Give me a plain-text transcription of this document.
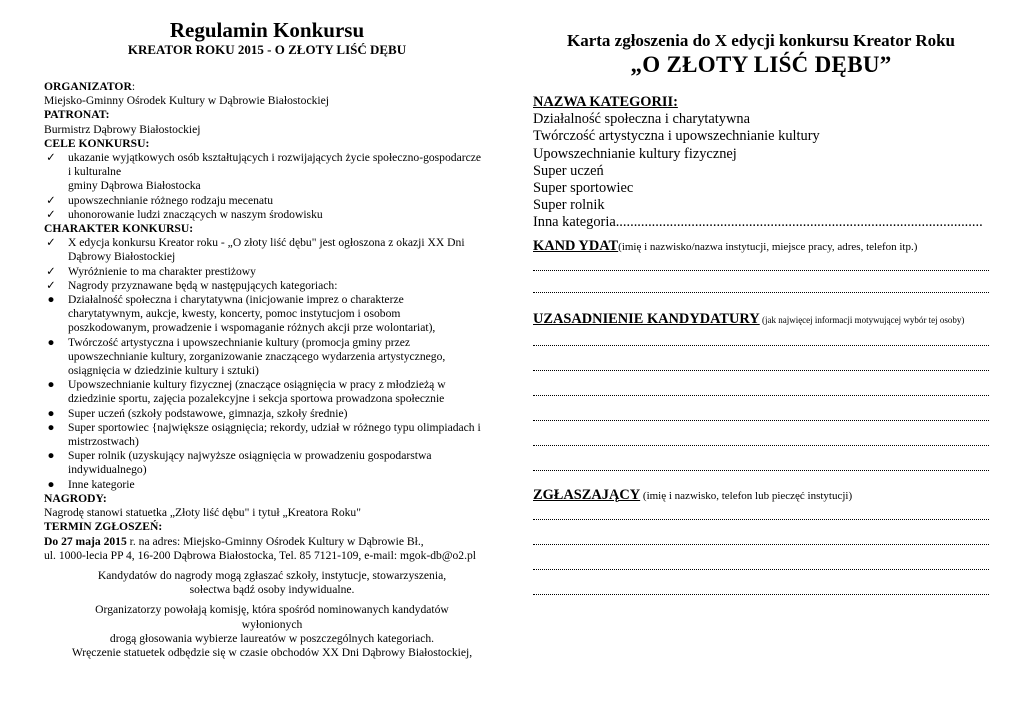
Regulamin Konkursu
KREATOR ROKU 2015 - O ZŁOTY LIŚĆ DĘBU
ORGANIZATOR:
Miejsko-Gminny Ośrodek Kultury w Dąbrowie Białostockiej
PATRONAT:
Burmistrz Dąbrowy Białostockiej
CELE KONKURSU:
✓	ukazanie wyjątkowych osób kształtujących i rozwijających życie społeczno-gospodarcze
i kulturalne
gminy Dąbrowa Białostocka
✓	upowszechnianie różnego rodzaju mecenatu
✓	uhonorowanie ludzi znaczących w naszym środowisku
CHARAKTER KONKURSU:
✓	X edycja konkursu Kreator roku - „O złoty liść dębu" jest ogłoszona z okazji XX Dni
Dąbrowy Białostockiej
✓	Wyróżnienie to ma charakter prestiżowy
✓	Nagrody przyznawane będą w następujących kategoriach:
●	Działalność społeczna i charytatywna (inicjowanie imprez o charakterze
charytatywnym, aukcje, kwesty, koncerty, pomoc instytucjom i osobom
poszkodowanym, prowadzenie i wspomaganie różnych akcji prze wolontariat),
●	Twórczość artystyczna i upowszechnianie kultury (promocja gminy przez
upowszechnianie kultury, zorganizowanie znaczącego wydarzenia artystycznego,
osiągnięcia w dziedzinie kultury i sztuki)
●	Upowszechnianie kultury fizycznej (znaczące osiągnięcia w pracy z młodzieżą w
dziedzinie sportu, zajęcia pozalekcyjne i sekcja sportowa prowadzona społecznie
●	Super uczeń (szkoły podstawowe, gimnazja, szkoły średnie)
●	Super sportowiec {największe osiągnięcia; rekordy, udział w różnego typu olimpiadach i
mistrzostwach)
●	Super rolnik (uzyskujący najwyższe osiągnięcia w prowadzeniu gospodarstwa
indywidualnego)
●	Inne kategorie
NAGRODY:
Nagrodę stanowi statuetka „Złoty liść dębu" i tytuł „Kreatora Roku"
TERMIN ZGŁOSZEŃ:
Do 27 maja 2015 r. na adres: Miejsko-Gminny Ośrodek Kultury w Dąbrowie Bł.,
ul. 1000-lecia PP 4, 16-200 Dąbrowa Białostocka, Tel. 85 7121-109, e-mail: mgok-db@o2.pl
Kandydatów do nagrody mogą zgłaszać szkoły, instytucje, stowarzyszenia,
sołectwa bądź osoby indywidualne.
Organizatorzy powołają komisję, która spośród nominowanych kandydatów wyłonionych
drogą głosowania wybierze laureatów w poszczególnych kategoriach.
Wręczenie statuetek odbędzie się w czasie obchodów XX Dni Dąbrowy Białostockiej,
Karta zgłoszenia do X edycji konkursu Kreator Roku
„O ZŁOTY LIŚĆ DĘBU”
NAZWA KATEGORII:
Działalność społeczna i charytatywna
Twórczość artystyczna i upowszechnianie kultury
Upowszechnianie kultury fizycznej
Super uczeń
Super sportowiec
Super rolnik
Inna kategoria......................................................................................................
KAND YDAT(imię i nazwisko/nazwa instytucji, miejsce pracy, adres, telefon itp.)
UZASADNIENIE KANDYDATURY (jak najwięcej informacji motywującej wybór tej osoby)
ZGŁASZAJĄCY (imię i nazwisko, telefon lub pieczęć instytucji)
